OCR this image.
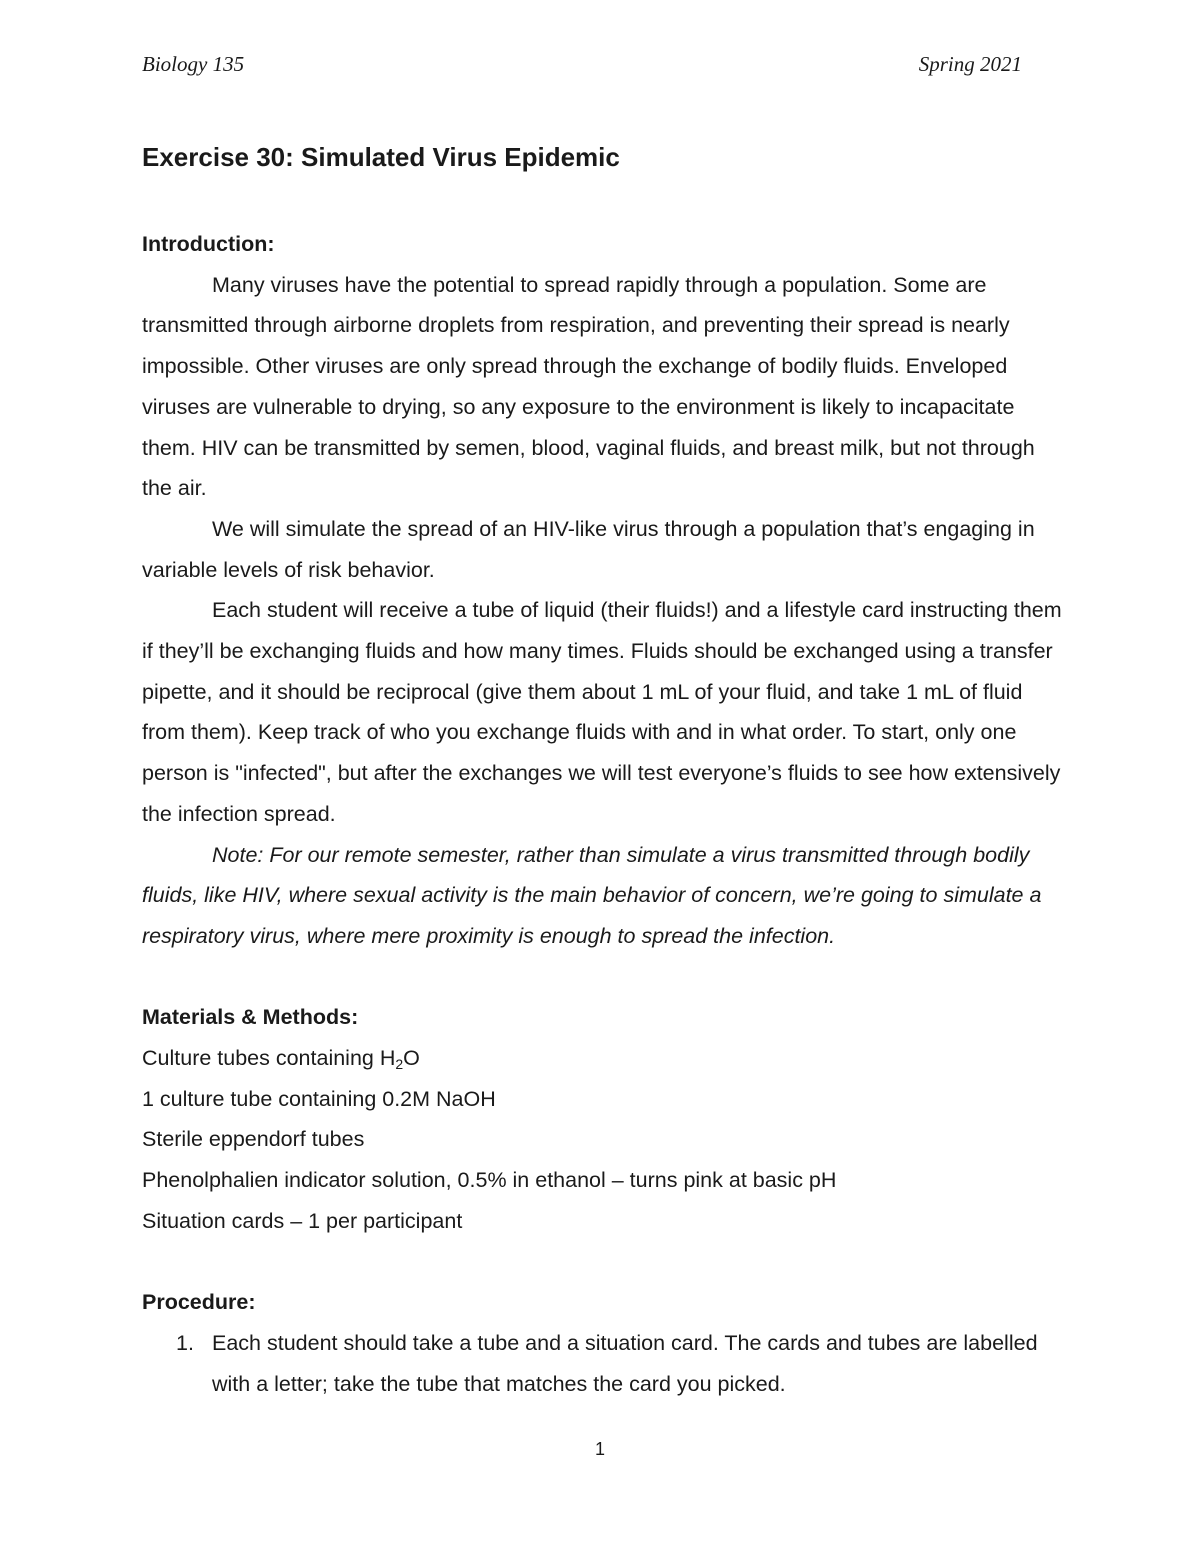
Biology 135	Spring 2021
Exercise 30: Simulated Virus Epidemic

Introduction:

Many viruses have the potential to spread rapidly through a population. Some are transmitted through airborne droplets from respiration, and preventing their spread is nearly impossible. Other viruses are only spread through the exchange of bodily fluids. Enveloped viruses are vulnerable to drying, so any exposure to the environment is likely to incapacitate them. HIV can be transmitted by semen, blood, vaginal fluids, and breast milk, but not through the air.

We will simulate the spread of an HIV-like virus through a population that’s engaging in variable levels of risk behavior.

Each student will receive a tube of liquid (their fluids!) and a lifestyle card instructing them if they’ll be exchanging fluids and how many times. Fluids should be exchanged using a transfer pipette, and it should be reciprocal (give them about 1 mL of your fluid, and take 1 mL of fluid from them). Keep track of who you exchange fluids with and in what order. To start, only one person is "infected", but after the exchanges we will test everyone’s fluids to see how extensively the infection spread.

Note: For our remote semester, rather than simulate a virus transmitted through bodily fluids, like HIV, where sexual activity is the main behavior of concern, we’re going to simulate a respiratory virus, where mere proximity is enough to spread the infection.

Materials & Methods:

Culture tubes containing $H_2O$

1 culture tube containing 0.2M NaOH

Sterile eppendorf tubes

Phenolphalien indicator solution, 0.5% in ethanol – turns pink at basic pH

Situation cards – 1 per participant

Procedure:

1. Each student should take a tube and a situation card. The cards and tubes are labelled with a letter; take the tube that matches the card you picked.
1
